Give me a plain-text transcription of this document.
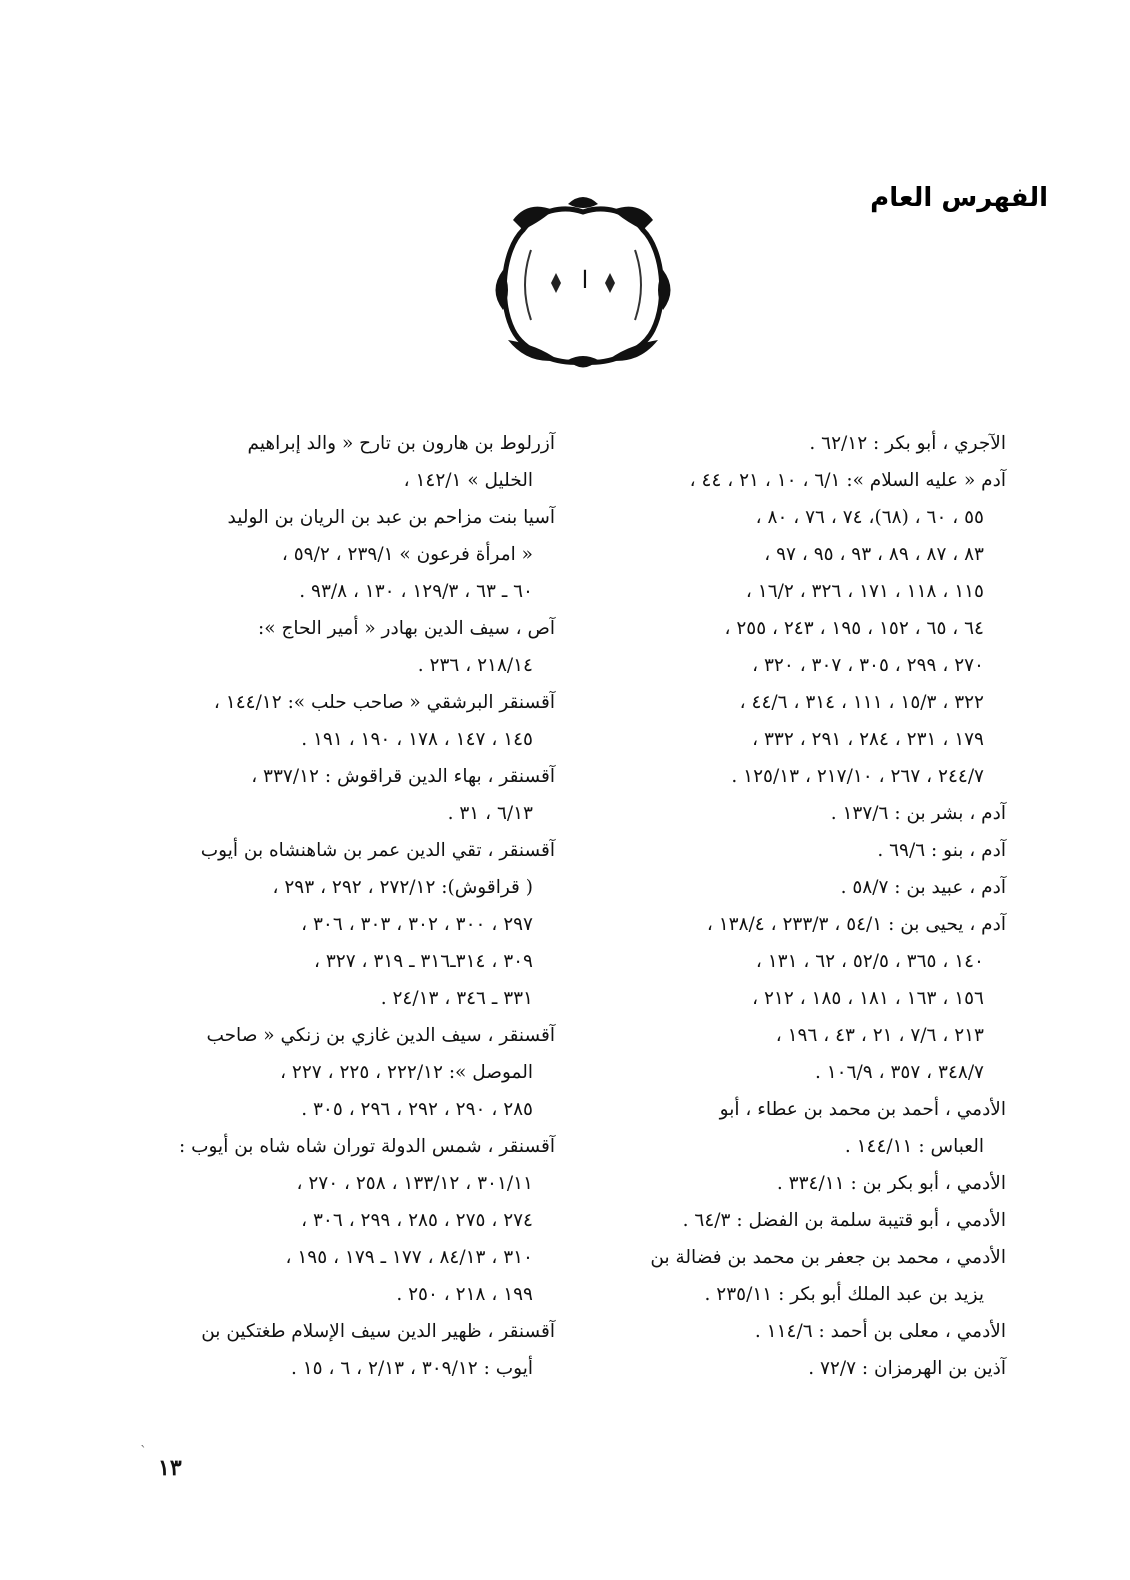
الفهرس العام
ا
الآجري ، أبو بكر : ٦٢/١٢ .
آدم « عليه السلام »: ٦/١ ، ١٠ ، ٢١ ، ٤٤ ،
٥٥ ، ٦٠ ، (٦٨)، ٧٤ ، ٧٦ ، ٨٠ ،
٨٣ ، ٨٧ ، ٨٩ ، ٩٣ ، ٩٥ ، ٩٧ ،
١١٥ ، ١١٨ ، ١٧١ ، ٣٢٦ ، ١٦/٢ ،
٦٤ ، ٦٥ ، ١٥٢ ، ١٩٥ ، ٢٤٣ ، ٢٥٥ ،
٢٧٠ ، ٢٩٩ ، ٣٠٥ ، ٣٠٧ ، ٣٢٠ ،
٣٢٢ ، ١٥/٣ ، ١١١ ، ٣١٤ ، ٤٤/٦ ،
١٧٩ ، ٢٣١ ، ٢٨٤ ، ٢٩١ ، ٣٣٢ ،
٢٤٤/٧ ، ٢٦٧ ، ٢١٧/١٠ ، ١٢٥/١٣ .
آدم ، بشر بن : ١٣٧/٦ .
آدم ، بنو : ٦٩/٦ .
آدم ، عبيد بن : ٥٨/٧ .
آدم ، يحيى بن : ٥٤/١ ، ٢٣٣/٣ ، ١٣٨/٤ ،
١٤٠ ، ٣٦٥ ، ٥٢/٥ ، ٦٢ ، ١٣١ ،
١٥٦ ، ١٦٣ ، ١٨١ ، ١٨٥ ، ٢١٢ ،
٢١٣ ، ٧/٦ ، ٢١ ، ٤٣ ، ١٩٦ ،
٣٤٨/٧ ، ٣٥٧ ، ١٠٦/٩ .
الأدمي ، أحمد بن محمد بن عطاء ، أبو
العباس : ١٤٤/١١ .
الأدمي ، أبو بكر بن : ٣٣٤/١١ .
الأدمي ، أبو قتيبة سلمة بن الفضل : ٦٤/٣ .
الأدمي ، محمد بن جعفر بن محمد بن فضالة بن
يزيد بن عبد الملك أبو بكر : ٢٣٥/١١ .
الأدمي ، معلى بن أحمد : ١١٤/٦ .
آذين بن الهرمزان : ٧٢/٧ .
آزرلوط بن هارون بن تارح « والد إبراهيم
الخليل » ١٤٢/١ ،
آسيا بنت مزاحم بن عبد بن الريان بن الوليد
« امرأة فرعون » ٢٣٩/١ ، ٥٩/٢ ،
٦٠ ـ ٦٣ ، ١٢٩/٣ ، ١٣٠ ، ٩٣/٨ .
آص ، سيف الدين بهادر « أمير الحاج »:
٢١٨/١٤ ، ٢٣٦ .
آقسنقر البرشقي « صاحب حلب »: ١٤٤/١٢ ،
١٤٥ ، ١٤٧ ، ١٧٨ ، ١٩٠ ، ١٩١ .
آقسنقر ، بهاء الدين قراقوش : ٣٣٧/١٢ ،
٦/١٣ ، ٣١ .
آقسنقر ، تقي الدين عمر بن شاهنشاه بن أيوب
( قراقوش): ٢٧٢/١٢ ، ٢٩٢ ، ٢٩٣ ،
٢٩٧ ، ٣٠٠ ، ٣٠٢ ، ٣٠٣ ، ٣٠٦ ،
٣٠٩ ، ٣١٤ـ٣١٦ ـ ٣١٩ ، ٣٢٧ ،
٣٣١ ـ ٣٤٦ ، ٢٤/١٣ .
آقسنقر ، سيف الدين غازي بن زنكي « صاحب
الموصل »: ٢٢٢/١٢ ، ٢٢٥ ، ٢٢٧ ،
٢٨٥ ، ٢٩٠ ، ٢٩٢ ، ٢٩٦ ، ٣٠٥ .
آقسنقر ، شمس الدولة توران شاه شاه بن أيوب :
٣٠١/١١ ، ١٣٣/١٢ ، ٢٥٨ ، ٢٧٠ ،
٢٧٤ ، ٢٧٥ ، ٢٨٥ ، ٢٩٩ ، ٣٠٦ ،
٣١٠ ، ٨٤/١٣ ، ١٧٧ ـ ١٧٩ ، ١٩٥ ،
١٩٩ ، ٢١٨ ، ٢٥٠ .
آقسنقر ، ظهير الدين سيف الإسلام طغتكين بن
أيوب : ٣٠٩/١٢ ، ٢/١٣ ، ٦ ، ١٥ .
١٣
`
